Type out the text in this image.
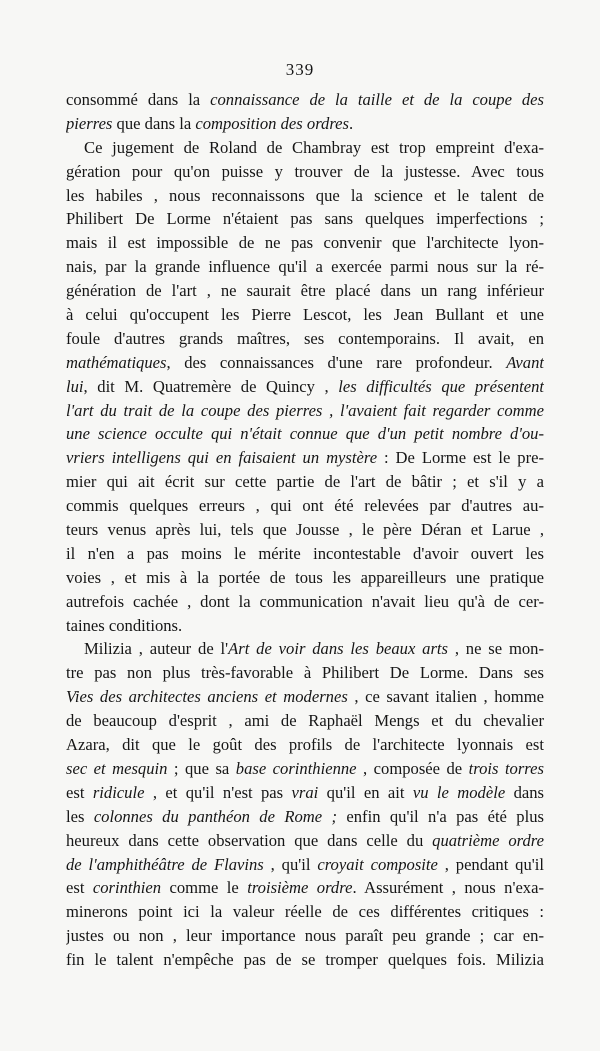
339
consommé dans la connaissance de la taille et de la coupe des
pierres que dans la composition des ordres.
Ce jugement de Roland de Chambray est trop empreint d'exa-
gération pour qu'on puisse y trouver de la justesse. Avec tous
les habiles , nous reconnaissons que la science et le talent de
Philibert De Lorme n'étaient pas sans quelques imperfections ;
mais il est impossible de ne pas convenir que l'architecte lyon-
nais, par la grande influence qu'il a exercée parmi nous sur la ré-
génération de l'art , ne saurait être placé dans un rang inférieur
à celui qu'occupent les Pierre Lescot, les Jean Bullant et une
foule d'autres grands maîtres, ses contemporains. Il avait, en
mathématiques, des connaissances d'une rare profondeur. Avant
lui, dit M. Quatremère de Quincy , les difficultés que présentent
l'art du trait de la coupe des pierres , l'avaient fait regarder comme
une science occulte qui n'était connue que d'un petit nombre d'ou-
vriers intelligens qui en faisaient un mystère : De Lorme est le pre-
mier qui ait écrit sur cette partie de l'art de bâtir ; et s'il y a
commis quelques erreurs , qui ont été relevées par d'autres au-
teurs venus après lui, tels que Jousse , le père Déran et Larue ,
il n'en a pas moins le mérite incontestable d'avoir ouvert les
voies , et mis à la portée de tous les appareilleurs une pratique
autrefois cachée , dont la communication n'avait lieu qu'à de cer-
taines conditions.
Milizia , auteur de l'Art de voir dans les beaux arts , ne se mon-
tre pas non plus très-favorable à Philibert De Lorme. Dans ses
Vies des architectes anciens et modernes , ce savant italien , homme
de beaucoup d'esprit , ami de Raphaël Mengs et du chevalier
Azara, dit que le goût des profils de l'architecte lyonnais est
sec et mesquin ; que sa base corinthienne , composée de trois torres
est ridicule , et qu'il n'est pas vrai qu'il en ait vu le modèle dans
les colonnes du panthéon de Rome ; enfin qu'il n'a pas été plus
heureux dans cette observation que dans celle du quatrième ordre
de l'amphithéâtre de Flavins , qu'il croyait composite , pendant qu'il
est corinthien comme le troisième ordre. Assurément , nous n'exa-
minerons point ici la valeur réelle de ces différentes critiques :
justes ou non , leur importance nous paraît peu grande ; car en-
fin le talent n'empêche pas de se tromper quelques fois. Milizia
